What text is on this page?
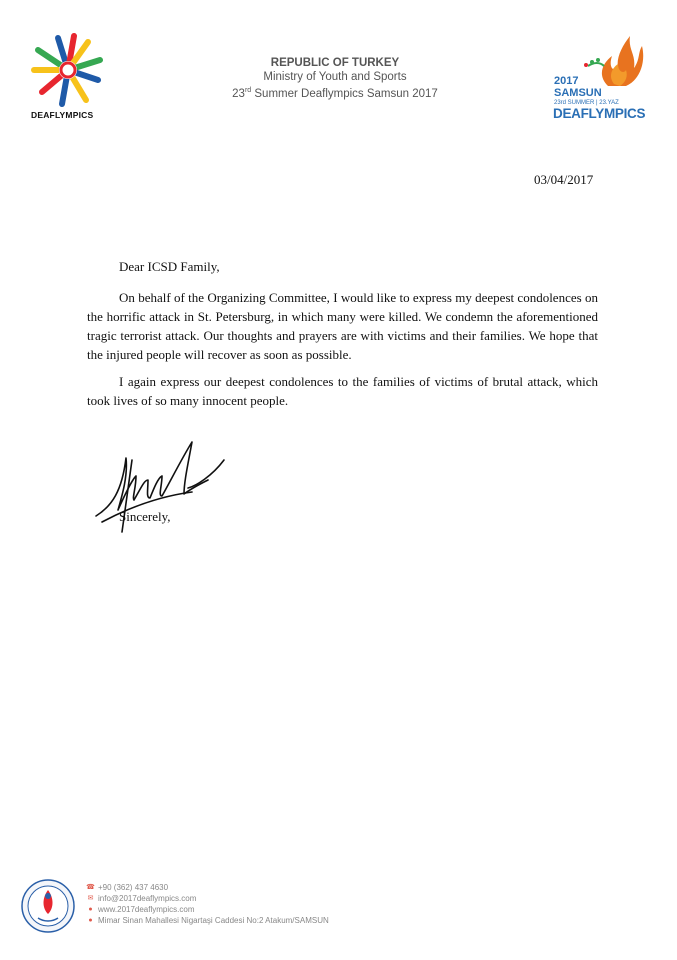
DEAFLYMPICS
REPUBLIC OF TURKEY
Ministry of Youth and Sports
23rd Summer Deaflympics Samsun 2017
2017
SAMSUN
23rd SUMMER | 23.YAZ
DEAFLYMPICS
03/04/2017
Dear ICSD Family,

On behalf of the Organizing Committee, I would like to express my deepest condolences on the horrific attack in St. Petersburg, in which many were killed. We condemn the aforementioned tragic terrorist attack. Our thoughts and prayers are with victims and their families. We hope that the injured people will recover as soon as possible.

I again express our deepest condolences to the families of victims of brutal attack, which took lives of so many innocent people.

Sincerely,
☎ +90 (362) 437 4630
✉ info@2017deaflympics.com
● www.2017deaflympics.com
● Mimar Sinan Mahallesi Nigartaşi Caddesi No:2 Atakum/SAMSUN
